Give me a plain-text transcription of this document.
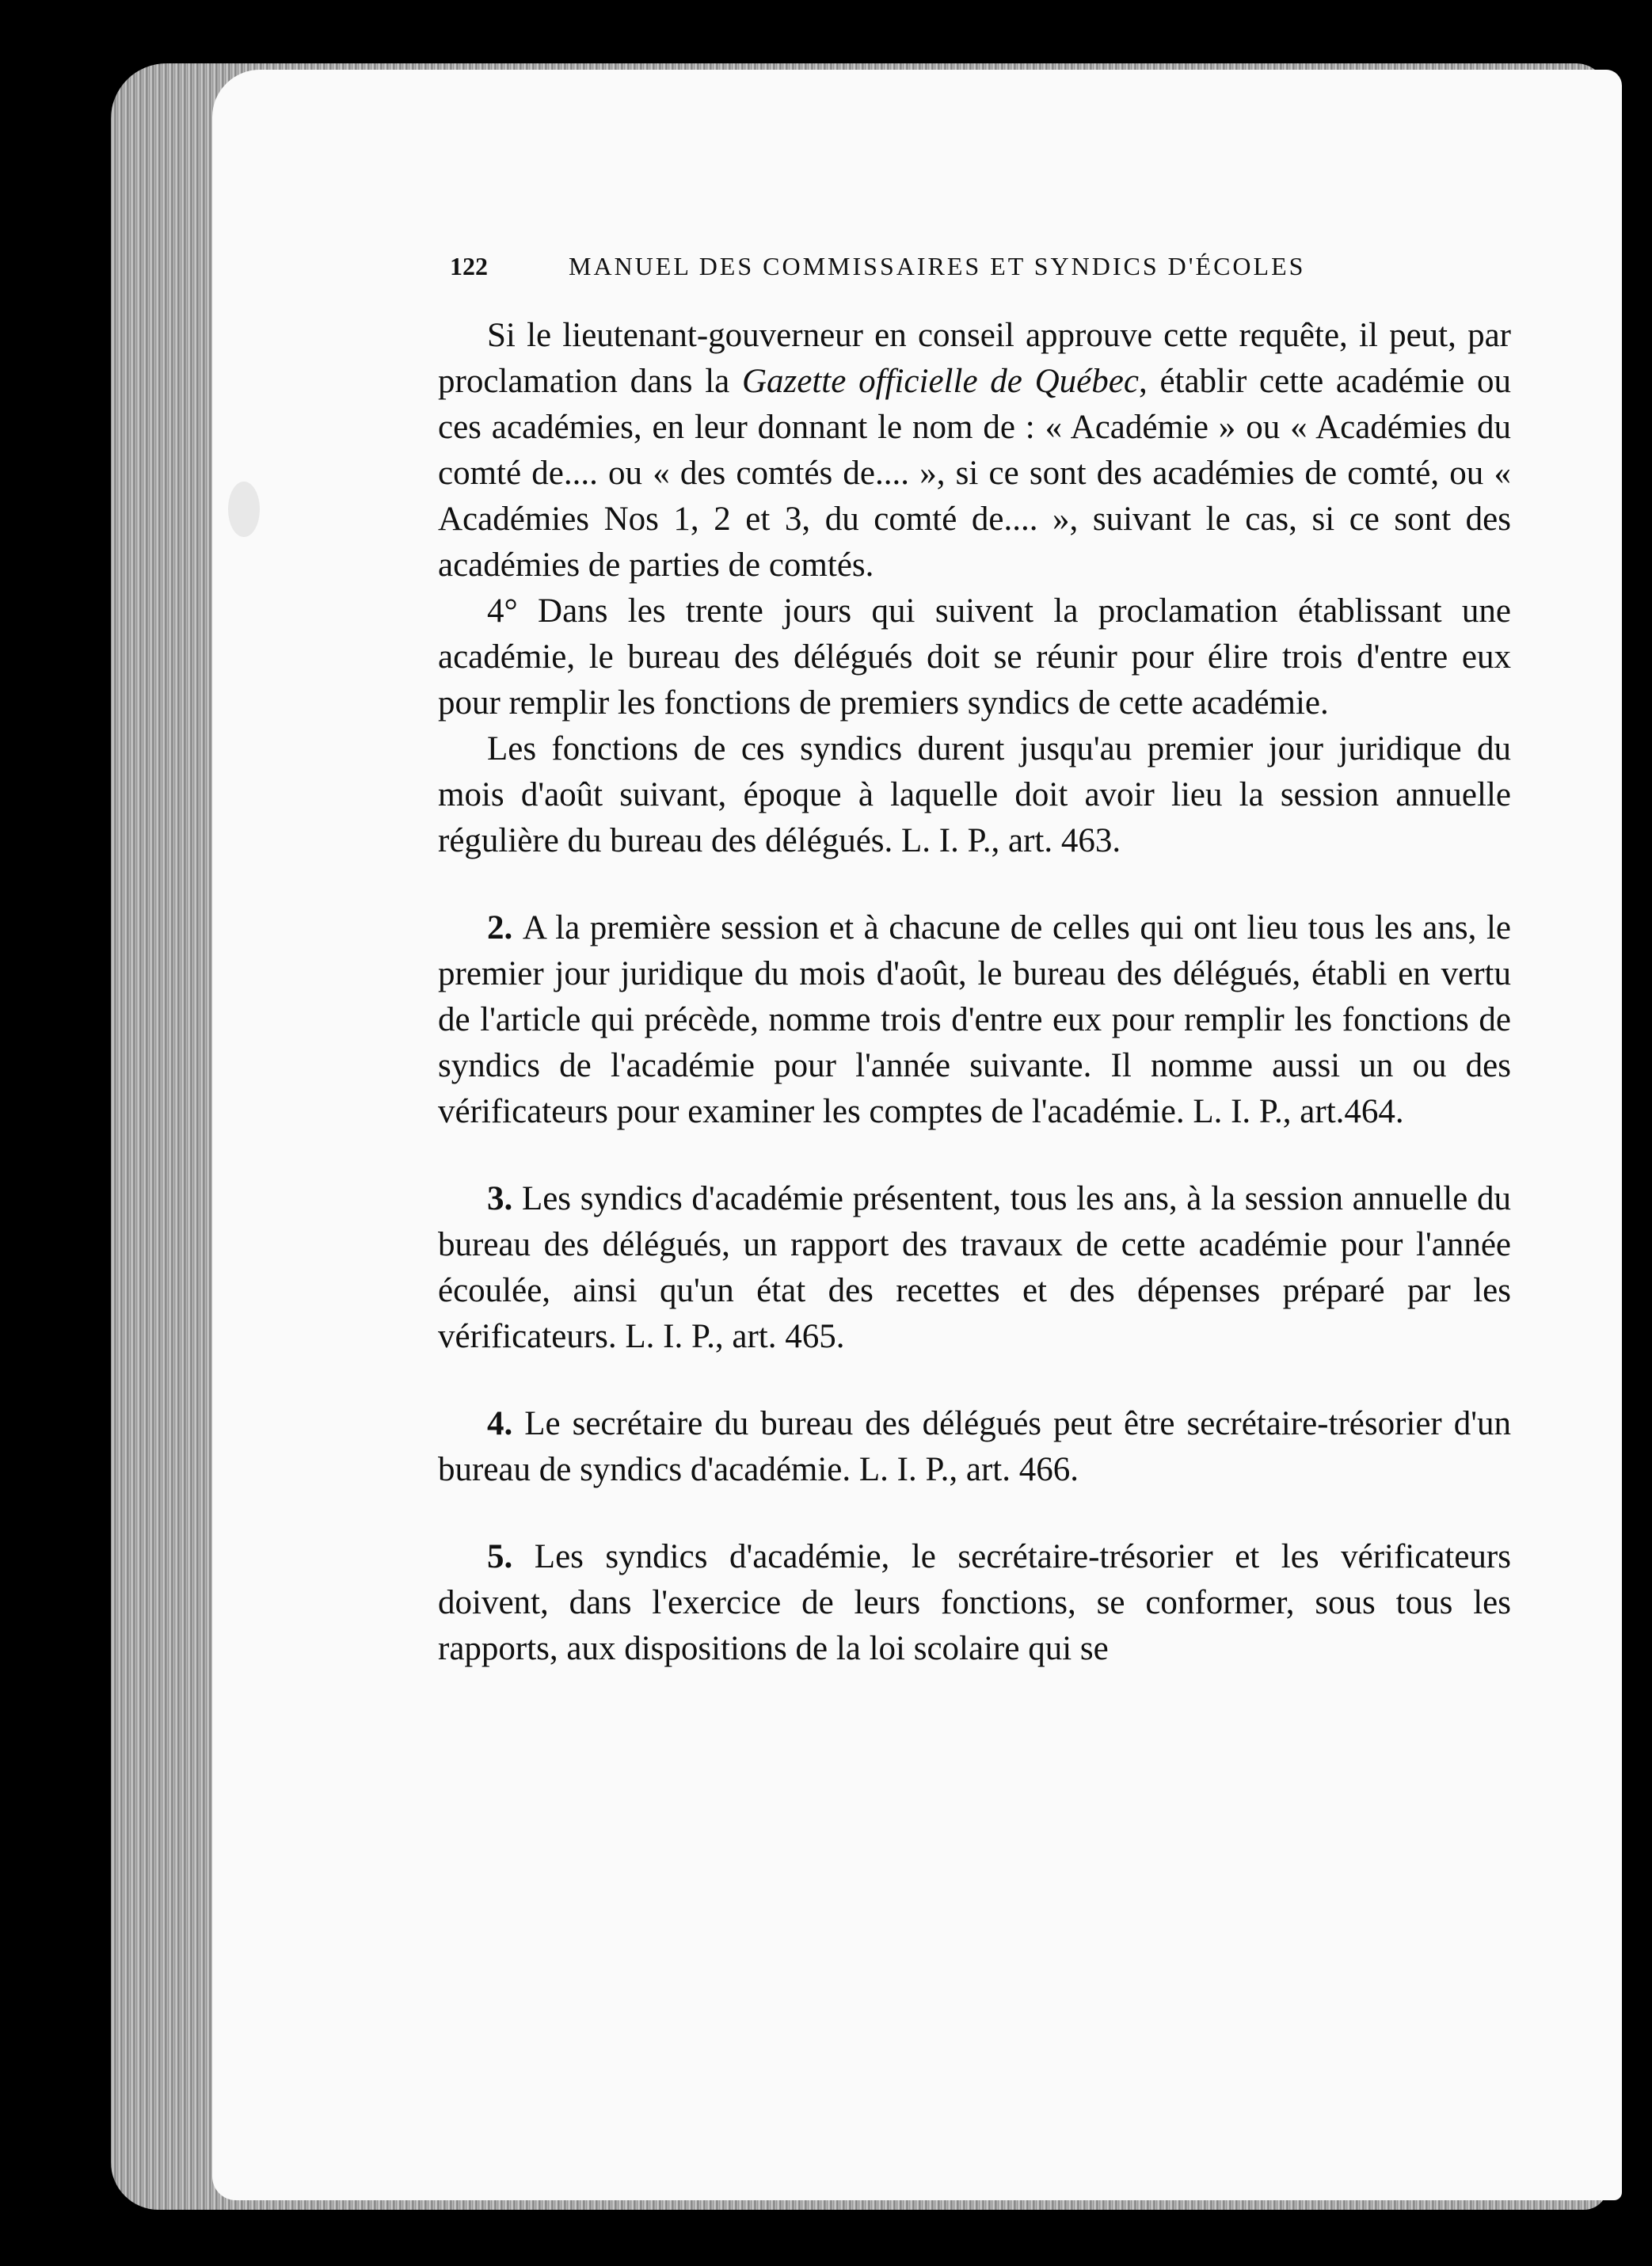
122	MANUEL DES COMMISSAIRES ET SYNDICS D'ÉCOLES

Si le lieutenant-gouverneur en conseil approuve cette requête, il peut, par proclamation dans la Gazette officielle de Québec, établir cette académie ou ces académies, en leur donnant le nom de : « Académie » ou « Académies du comté de.... ou « des comtés de.... », si ce sont des académies de comté, ou « Académies Nos 1, 2 et 3, du comté de.... », suivant le cas, si ce sont des académies de parties de comtés.

4° Dans les trente jours qui suivent la proclamation établissant une académie, le bureau des délégués doit se réunir pour élire trois d'entre eux pour remplir les fonctions de premiers syndics de cette académie.

Les fonctions de ces syndics durent jusqu'au premier jour juridique du mois d'août suivant, époque à laquelle doit avoir lieu la session annuelle régulière du bureau des délégués. L. I. P., art. 463.

2. A la première session et à chacune de celles qui ont lieu tous les ans, le premier jour juridique du mois d'août, le bureau des délégués, établi en vertu de l'article qui précède, nomme trois d'entre eux pour remplir les fonctions de syndics de l'académie pour l'année suivante. Il nomme aussi un ou des vérificateurs pour examiner les comptes de l'académie. L. I. P., art.464.

3. Les syndics d'académie présentent, tous les ans, à la session annuelle du bureau des délégués, un rapport des travaux de cette académie pour l'année écoulée, ainsi qu'un état des recettes et des dépenses préparé par les vérificateurs. L. I. P., art. 465.

4. Le secrétaire du bureau des délégués peut être secrétaire-trésorier d'un bureau de syndics d'académie. L. I. P., art. 466.

5. Les syndics d'académie, le secrétaire-trésorier et les vérificateurs doivent, dans l'exercice de leurs fonctions, se conformer, sous tous les rapports, aux dispositions de la loi scolaire qui se
